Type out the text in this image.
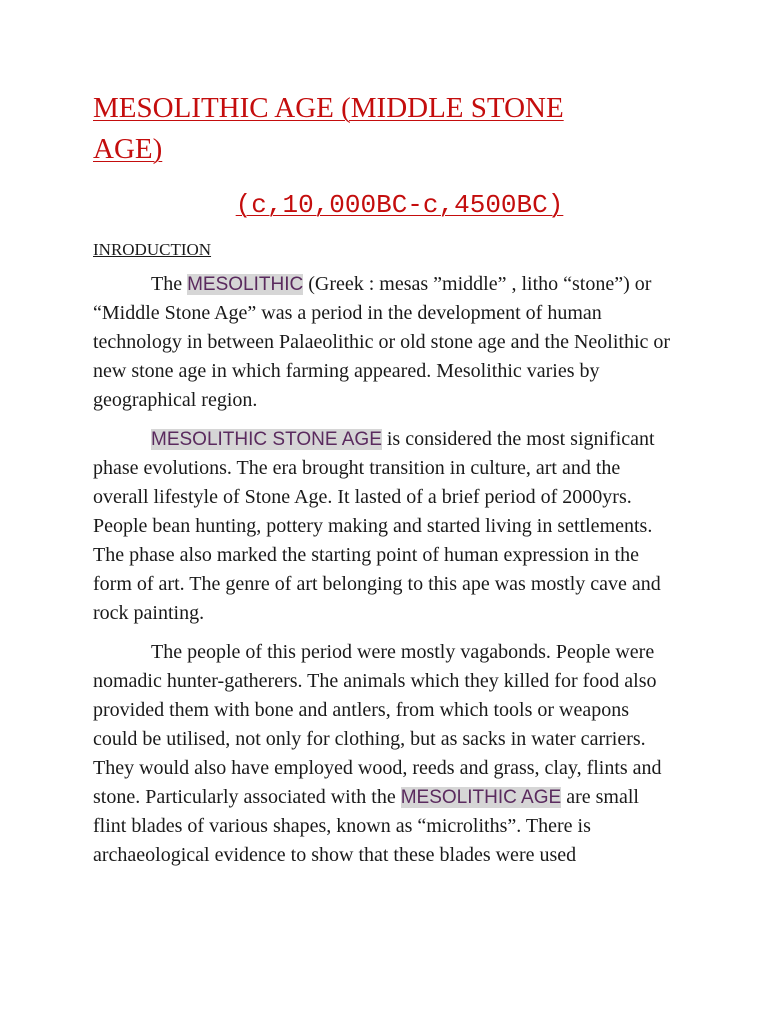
MESOLITHIC AGE (MIDDLE STONE AGE)
(c,10,000BC-c,4500BC)
INRODUCTION

The MESOLITHIC (Greek : mesas ”middle” , litho “stone”) or “Middle Stone Age” was a period in the development of human technology in between Palaeolithic or old stone age and the Neolithic or new stone age in which farming appeared. Mesolithic varies by geographical region.

MESOLITHIC STONE AGE is considered the most significant phase evolutions. The era brought transition in culture, art and the overall lifestyle of Stone Age. It lasted of a brief period of 2000yrs. People bean hunting, pottery making and started living in settlements. The phase also marked the starting point of human expression in the form of art. The genre of art belonging to this ape was mostly cave and rock painting.

The people of this period were mostly vagabonds. People were nomadic hunter-gatherers. The animals which they killed for food also provided them with bone and antlers, from which tools or weapons could be utilised, not only for clothing, but as sacks in water carriers. They would also have employed wood, reeds and grass, clay, flints and stone. Particularly associated with the MESOLITHIC AGE are small flint blades of various shapes, known as “microliths”. There is archaeological evidence to show that these blades were used
